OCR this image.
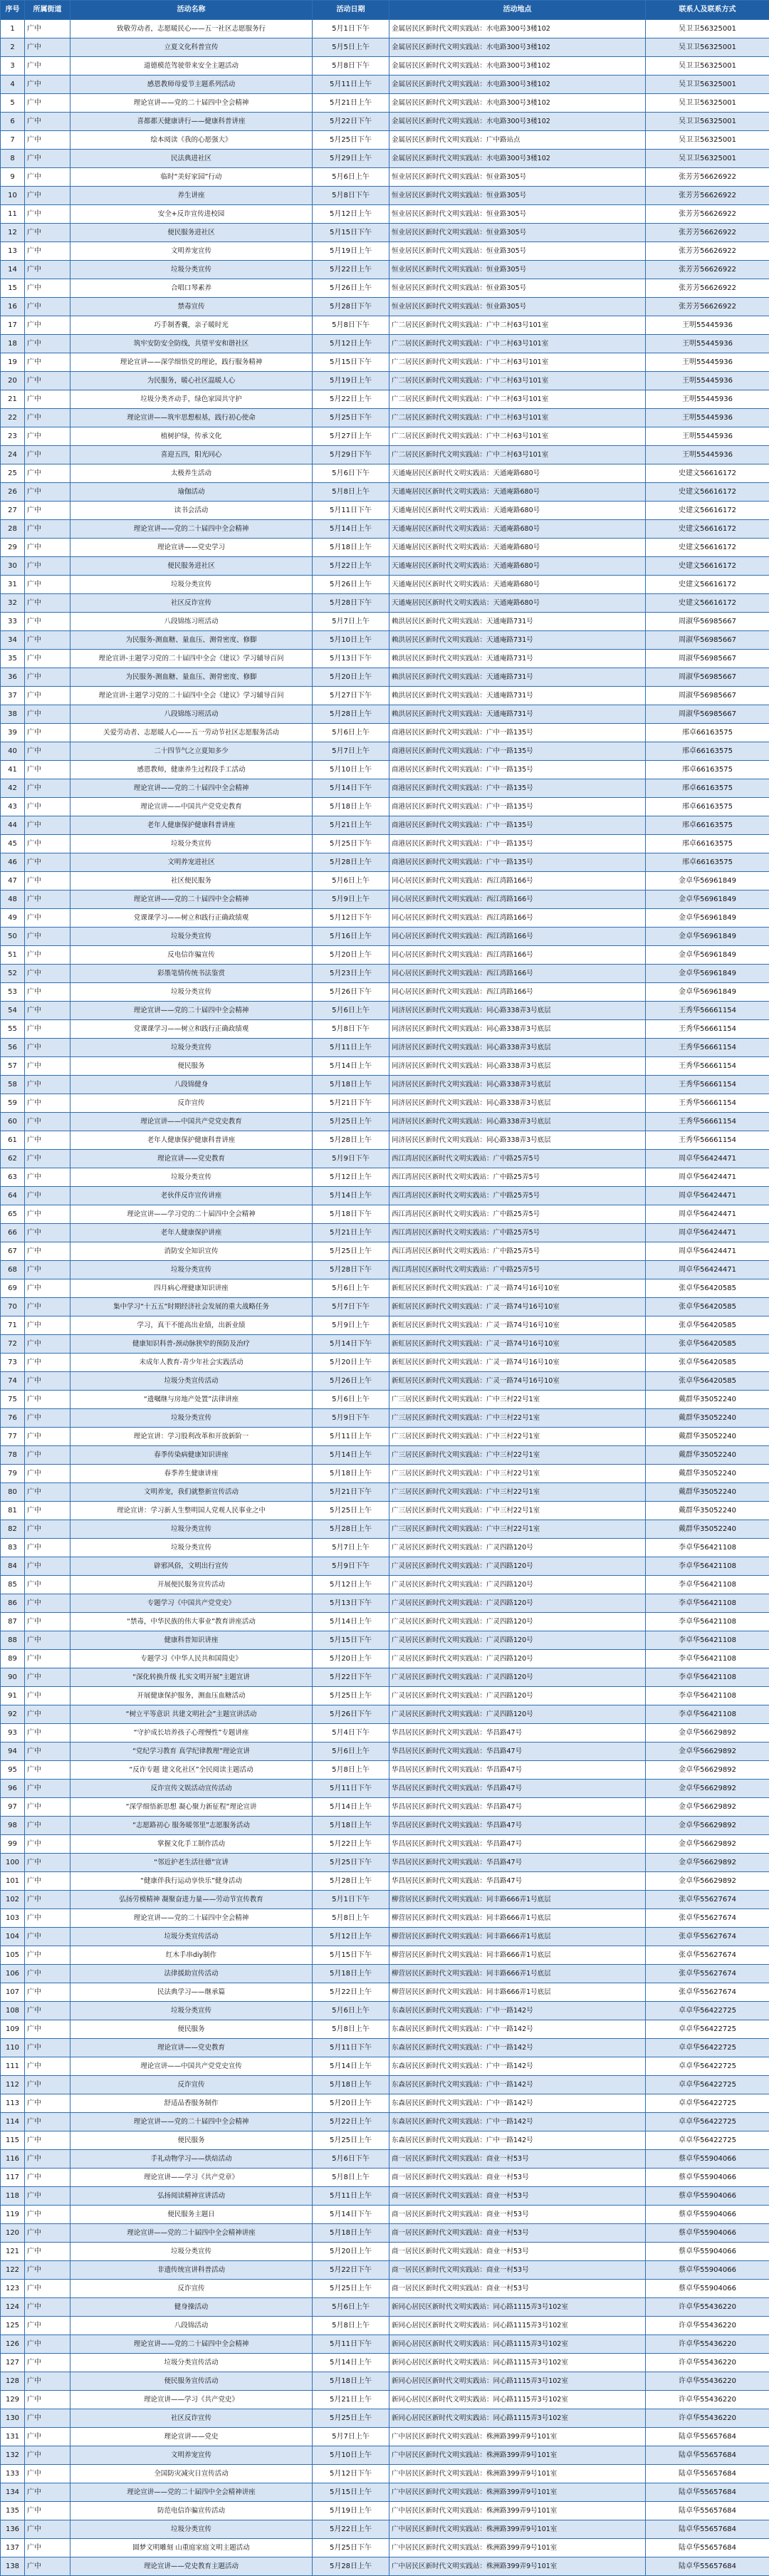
序号	所属街道	活动名称	活动日期	活动地点	联系人及联系方式
1	广中	致敬劳动者，志愿暖民心——五一社区志愿服务行	5月1日下午	金属居民区新时代文明实践站：水电路300号3楼102	吴卫卫56325001
2	广中	立夏文化科普宣传	5月5日上午	金属居民区新时代文明实践站：水电路300号3楼102	吴卫卫56325001
3	广中	道德模范驾驶带来安全主题活动	5月8日下午	金属居民区新时代文明实践站：水电路300号3楼102	吴卫卫56325001
4	广中	感恩教师母爱节主题系列活动	5月11日上午	金属居民区新时代文明实践站：水电路300号3楼102	吴卫卫56325001
5	广中	理论宣讲——党的二十届四中全会精神	5月21日上午	金属居民区新时代文明实践站：水电路300号3楼102	吴卫卫56325001
6	广中	喜都都天健康讲行——健康科普讲座	5月22日下午	金属居民区新时代文明实践站：水电路300号3楼102	吴卫卫56325001
7	广中	绘本阅读《我的心愿强大》	5月25日下午	金属居民区新时代文明实践站：广中路站点	吴卫卫56325001
8	广中	民法典进社区	5月29日上午	金属居民区新时代文明实践站：水电路300号3楼102	吴卫卫56325001
9	广中	临时“美好家园”行动	5月6日上午	恒业居民区新时代文明实践站：恒业路305号	张芳芳56626922
10	广中	养生讲座	5月8日下午	恒业居民区新时代文明实践站：恒业路305号	张芳芳56626922
11	广中	安全+反诈宣传进校园	5月12日上午	恒业居民区新时代文明实践站：恒业路305号	张芳芳56626922
12	广中	便民服务进社区	5月15日下午	恒业居民区新时代文明实践站：恒业路305号	张芳芳56626922
13	广中	文明养宠宣传	5月19日上午	恒业居民区新时代文明实践站：恒业路305号	张芳芳56626922
14	广中	垃圾分类宣传	5月22日上午	恒业居民区新时代文明实践站：恒业路305号	张芳芳56626922
15	广中	合唱口琴素养	5月26日上午	恒业居民区新时代文明实践站：恒业路305号	张芳芳56626922
16	广中	禁毒宣传	5月28日下午	恒业居民区新时代文明实践站：恒业路305号	张芳芳56626922
17	广中	巧手制香囊，亲子暖时光	5月8日下午	广二居民区新时代文明实践站：广中二村63号101室	王明55445936
18	广中	筑牢安防安全防线，共望平安和谐社区	5月12日上午	广二居民区新时代文明实践站：广中二村63号101室	王明55445936
19	广中	理论宣讲——深学细悟党的理论，践行服务精神	5月15日下午	广二居民区新时代文明实践站：广中二村63号101室	王明55445936
20	广中	为民服务，暖心社区温暖人心	5月19日上午	广二居民区新时代文明实践站：广中二村63号101室	王明55445936
21	广中	垃圾分类齐动手，绿色家园共守护	5月22日上午	广二居民区新时代文明实践站：广中二村63号101室	王明55445936
22	广中	理论宣讲——筑牢思想根基，践行初心使命	5月25日下午	广二居民区新时代文明实践站：广中二村63号101室	王明55445936
23	广中	植树护绿，传承文化	5月27日上午	广二居民区新时代文明实践站：广中二村63号101室	王明55445936
24	广中	喜迎五四，阳光同心	5月29日下午	广二居民区新时代文明实践站：广中二村63号101室	王明55445936
25	广中	太极养生活动	5月6日下午	天通庵居民区新时代文明实践站：天通庵路680号	史建文56616172
26	广中	瑜伽活动	5月8日上午	天通庵居民区新时代文明实践站：天通庵路680号	史建文56616172
27	广中	读书会活动	5月11日下午	天通庵居民区新时代文明实践站：天通庵路680号	史建文56616172
28	广中	理论宣讲——党的二十届四中全会精神	5月14日上午	天通庵居民区新时代文明实践站：天通庵路680号	史建文56616172
29	广中	理论宣讲——党史学习	5月18日上午	天通庵居民区新时代文明实践站：天通庵路680号	史建文56616172
30	广中	便民服务进社区	5月22日上午	天通庵居民区新时代文明实践站：天通庵路680号	史建文56616172
31	广中	垃圾分类宣传	5月26日上午	天通庵居民区新时代文明实践站：天通庵路680号	史建文56616172
32	广中	社区反诈宣传	5月28日下午	天通庵居民区新时代文明实践站：天通庵路680号	史建文56616172
33	广中	八段锦练习班活动	5月7日上午	赖洪居民区新时代文明实践站：天通庵路731号	周淑华56985667
34	广中	为民服务-测血糖、量血压、测骨密度、修脚	5月10日上午	赖洪居民区新时代文明实践站：天通庵路731号	周淑华56985667
35	广中	理论宣讲-主题学习党的二十届四中全会《建议》学习辅导百问	5月13日下午	赖洪居民区新时代文明实践站：天通庵路731号	周淑华56985667
36	广中	为民服务-测血糖、量血压、测骨密度、修脚	5月20日上午	赖洪居民区新时代文明实践站：天通庵路731号	周淑华56985667
37	广中	理论宣讲-主题学习党的二十届四中全会《建议》学习辅导百问	5月27日下午	赖洪居民区新时代文明实践站：天通庵路731号	周淑华56985667
38	广中	八段锦练习班活动	5月28日上午	赖洪居民区新时代文明实践站：天通庵路731号	周淑华56985667
39	广中	关爱劳动者、志愿暖人心——五一劳动节社区志愿服务活动	5月6日上午	商港居民区新时代文明实践站：广中一路135号	邢卓66163575
40	广中	二十四节气之立夏知多少	5月7日上午	商港居民区新时代文明实践站：广中一路135号	邢卓66163575
41	广中	感恩教师，健康养生过程段手工活动	5月10日上午	商港居民区新时代文明实践站：广中一路135号	邢卓66163575
42	广中	理论宣讲——党的二十届四中全会精神	5月14日下午	商港居民区新时代文明实践站：广中一路135号	邢卓66163575
43	广中	理论宣讲——中国共产党党史教育	5月18日上午	商港居民区新时代文明实践站：广中一路135号	邢卓66163575
44	广中	老年人健康保护健康科普讲座	5月21日上午	商港居民区新时代文明实践站：广中一路135号	邢卓66163575
45	广中	垃圾分类宣传	5月25日下午	商港居民区新时代文明实践站：广中一路135号	邢卓66163575
46	广中	文明养宠进社区	5月28日上午	商港居民区新时代文明实践站：广中一路135号	邢卓66163575
47	广中	社区便民服务	5月6日上午	同心居民区新时代文明实践站：西江湾路166号	金卓华56961849
48	广中	理论宣讲——党的二十届四中全会精神	5月9日上午	同心居民区新时代文明实践站：西江湾路166号	金卓华56961849
49	广中	党课课学习——树立和践行正确政绩观	5月12日下午	同心居民区新时代文明实践站：西江湾路166号	金卓华56961849
50	广中	垃圾分类宣传	5月16日上午	同心居民区新时代文明实践站：西江湾路166号	金卓华56961849
51	广中	反电信诈骗宣传	5月20日上午	同心居民区新时代文明实践站：西江湾路166号	金卓华56961849
52	广中	彩墨笔情传统书法鉴赏	5月23日上午	同心居民区新时代文明实践站：西江湾路166号	金卓华56961849
53	广中	垃圾分类宣传	5月26日下午	同心居民区新时代文明实践站：西江湾路166号	金卓华56961849
54	广中	理论宣讲——党的二十届四中全会精神	5月6日上午	同济居民区新时代文明实践站：同心路338弄3号底层	王秀华56661154
55	广中	党课课学习——树立和践行正确政绩观	5月8日下午	同济居民区新时代文明实践站：同心路338弄3号底层	王秀华56661154
56	广中	垃圾分类宣传	5月11日上午	同济居民区新时代文明实践站：同心路338弄3号底层	王秀华56661154
57	广中	便民服务	5月14日上午	同济居民区新时代文明实践站：同心路338弄3号底层	王秀华56661154
58	广中	八段锦健身	5月18日上午	同济居民区新时代文明实践站：同心路338弄3号底层	王秀华56661154
59	广中	反诈宣传	5月21日下午	同济居民区新时代文明实践站：同心路338弄3号底层	王秀华56661154
60	广中	理论宣讲——中国共产党党史教育	5月25日上午	同济居民区新时代文明实践站：同心路338弄3号底层	王秀华56661154
61	广中	老年人健康保护健康科普讲座	5月28日上午	同济居民区新时代文明实践站：同心路338弄3号底层	王秀华56661154
62	广中	理论宣讲——党史教育	5月9日下午	西江湾居民区新时代文明实践站：广中路25弄5号	周卓华56424471
63	广中	垃圾分类宣传	5月12日上午	西江湾居民区新时代文明实践站：广中路25弄5号	周卓华56424471
64	广中	老伙伴反诈宣传讲座	5月14日上午	西江湾居民区新时代文明实践站：广中路25弄5号	周卓华56424471
65	广中	理论宣讲——学习党的二十届四中全会精神	5月18日下午	西江湾居民区新时代文明实践站：广中路25弄5号	周卓华56424471
66	广中	老年人健康保护讲座	5月21日上午	西江湾居民区新时代文明实践站：广中路25弄5号	周卓华56424471
67	广中	消防安全知识宣传	5月25日上午	西江湾居民区新时代文明实践站：广中路25弄5号	周卓华56424471
68	广中	垃圾分类宣传	5月28日下午	西江湾居民区新时代文明实践站：广中路25弄5号	周卓华56424471
69	广中	四月病心理健康知识讲座	5月6日上午	新虹居民区新时代文明实践站：广灵一路74号16号10室	张卓华56420585
70	广中	集中学习“十五五”时期经济社会发展的重大战略任务	5月7日下午	新虹居民区新时代文明实践站：广灵一路74号16号10室	张卓华56420585
71	广中	学习，真干不能高出业绩，出新业绩	5月9日上午	新虹居民区新时代文明实践站：广灵一路74号16号10室	张卓华56420585
72	广中	健康知识科普-颈动脉狭窄的预防及治疗	5月14日下午	新虹居民区新时代文明实践站：广灵一路74号16号10室	张卓华56420585
73	广中	未成年人教育-青少年社会实践活动	5月20日上午	新虹居民区新时代文明实践站：广灵一路74号16号10室	张卓华56420585
74	广中	垃圾分类宣传活动	5月26日上午	新虹居民区新时代文明实践站：广灵一路74号16号10室	张卓华56420585
75	广中	“遗嘱继与房地产处置”法律讲座	5月6日上午	广三居民区新时代文明实践站：广中三村22号1室	戴群华35052240
76	广中	垃圾分类宣传	5月9日下午	广三居民区新时代文明实践站：广中三村22号1室	戴群华35052240
77	广中	理论宣讲：学习股利改革和开放新阶一	5月11日上午	广三居民区新时代文明实践站：广中三村22号1室	戴群华35052240
78	广中	春季传染病健康知识讲座	5月14日上午	广三居民区新时代文明实践站：广中三村22号1室	戴群华35052240
79	广中	春季养生健康讲座	5月18日上午	广三居民区新时代文明实践站：广中三村22号1室	戴群华35052240
80	广中	文明养宠，我们就整新宣传活动	5月21日下午	广三居民区新时代文明实践站：广中三村22号1室	戴群华35052240
81	广中	理论宣讲：学习新人生整明国人党观人民事业之中	5月25日上午	广三居民区新时代文明实践站：广中三村22号1室	戴群华35052240
82	广中	垃圾分类宣传	5月28日上午	广三居民区新时代文明实践站：广中三村22号1室	戴群华35052240
83	广中	垃圾分类宣传	5月7日上午	广灵居民区新时代文明实践站：广灵四路120号	李卓华56421108
84	广中	辟邪风俗，文明出行宣传	5月9日下午	广灵居民区新时代文明实践站：广灵四路120号	李卓华56421108
85	广中	开展便民服务宣传活动	5月12日上午	广灵居民区新时代文明实践站：广灵四路120号	李卓华56421108
86	广中	专题学习《中国共产党党史》	5月13日下午	广灵居民区新时代文明实践站：广灵四路120号	李卓华56421108
87	广中	“禁毒，中华民族的伟大事业”教育讲座活动	5月14日上午	广灵居民区新时代文明实践站：广灵四路120号	李卓华56421108
88	广中	健康科普知识讲座	5月15日下午	广灵居民区新时代文明实践站：广灵四路120号	李卓华56421108
89	广中	专题学习《中华人民共和国简史》	5月20日上午	广灵居民区新时代文明实践站：广灵四路120号	李卓华56421108
90	广中	“深化转换升级 扎实文明开展”主题宣讲	5月22日下午	广灵居民区新时代文明实践站：广灵四路120号	李卓华56421108
91	广中	开展健康保护服务，测血压血糖活动	5月25日上午	广灵居民区新时代文明实践站：广灵四路120号	李卓华56421108
92	广中	“树立平等意识 共建文明社会”主题宣讲活动	5月26日下午	广灵居民区新时代文明实践站：广灵四路120号	李卓华56421108
93	广中	“守护成长培养孩子心理慢性”专题讲座	5月4日下午	华昌居民区新时代文明实践站：华昌路47号	金卓华56629892
94	广中	“党纪学习教育 真学纪律教理”理论宣讲	5月6日上午	华昌居民区新时代文明实践站：华昌路47号	金卓华56629892
95	广中	“反诈专题 建文化社区”全民阅读主题活动	5月8日上午	华昌居民区新时代文明实践站：华昌路47号	金卓华56629892
96	广中	反诈宣传文娱活动宣传活动	5月11日下午	华昌居民区新时代文明实践站：华昌路47号	金卓华56629892
97	广中	“深学细悟新思想 凝心聚力新征程”理论宣讲	5月14日上午	华昌居民区新时代文明实践站：华昌路47号	金卓华56629892
98	广中	“志愿路初心 服务暖邻里”志愿服务活动	5月18日上午	华昌居民区新时代文明实践站：华昌路47号	金卓华56629892
99	广中	掌握文化手工制作活动	5月22日上午	华昌居民区新时代文明实践站：华昌路47号	金卓华56629892
100	广中	“邻近护老生活往德”宣讲	5月25日下午	华昌居民区新时代文明实践站：华昌路47号	金卓华56629892
101	广中	“健康伴我行运动享快乐”健身活动	5月28日上午	华昌居民区新时代文明实践站：华昌路47号	金卓华56629892
102	广中	弘扬劳模精神 凝聚奋进力量——劳动节宣传教育	5月1日下午	柳营居民区新时代文明实践站：同丰路666弄1号底层	张卓华55627674
103	广中	理论宣讲——党的二十届四中全会精神	5月8日上午	柳营居民区新时代文明实践站：同丰路666弄1号底层	张卓华55627674
104	广中	垃圾分类宣传活动	5月12日上午	柳营居民区新时代文明实践站：同丰路666弄1号底层	张卓华55627674
105	广中	红木手串diy制作	5月15日下午	柳营居民区新时代文明实践站：同丰路666弄1号底层	张卓华55627674
106	广中	法律援助宣传活动	5月18日上午	柳营居民区新时代文明实践站：同丰路666弄1号底层	张卓华55627674
107	广中	民法典学习——继承篇	5月22日上午	柳营居民区新时代文明实践站：同丰路666弄1号底层	张卓华55627674
108	广中	垃圾分类宣传	5月6日上午	东森居民区新时代文明实践站：广中一路142号	卓卓华56422725
109	广中	便民服务	5月8日上午	东森居民区新时代文明实践站：广中一路142号	卓卓华56422725
110	广中	理论宣讲——党史教育	5月11日下午	东森居民区新时代文明实践站：广中一路142号	卓卓华56422725
111	广中	理论宣讲——中国共产党党史宣传	5月14日上午	东森居民区新时代文明实践站：广中一路142号	卓卓华56422725
112	广中	反诈宣传	5月18日上午	东森居民区新时代文明实践站：广中一路142号	卓卓华56422725
113	广中	舒适品香服务制作	5月20日上午	东森居民区新时代文明实践站：广中一路142号	卓卓华56422725
114	广中	理论宣讲——党的二十届四中全会精神	5月22日上午	东森居民区新时代文明实践站：广中一路142号	卓卓华56422725
115	广中	便民服务	5月25日上午	东森居民区新时代文明实践站：广中一路142号	卓卓华56422725
116	广中	手礼动物学习——烘焙活动	5月6日下午	商一居民区新时代文明实践站：商业一村53号	蔡卓华55904066
117	广中	理论宣讲——学习《共产党章》	5月8日上午	商一居民区新时代文明实践站：商业一村53号	蔡卓华55904066
118	广中	弘扬阅读精神宣讲活动	5月11日上午	商一居民区新时代文明实践站：商业一村53号	蔡卓华55904066
119	广中	便民服务主题日	5月14日下午	商一居民区新时代文明实践站：商业一村53号	蔡卓华55904066
120	广中	理论宣讲——党的二十届四中全会精神讲座	5月18日上午	商一居民区新时代文明实践站：商业一村53号	蔡卓华55904066
121	广中	垃圾分类宣传	5月20日上午	商一居民区新时代文明实践站：商业一村53号	蔡卓华55904066
122	广中	非遗传统宣讲科普活动	5月22日下午	商一居民区新时代文明实践站：商业一村53号	蔡卓华55904066
123	广中	反诈宣传	5月25日上午	商一居民区新时代文明实践站：商业一村53号	蔡卓华55904066
124	广中	健身操活动	5月6日上午	新同心居民区新时代文明实践站：同心路1115弄3号102室	许卓华55436220
125	广中	八段锦活动	5月8日上午	新同心居民区新时代文明实践站：同心路1115弄3号102室	许卓华55436220
126	广中	理论宣讲——党的二十届四中全会精神	5月11日下午	新同心居民区新时代文明实践站：同心路1115弄3号102室	许卓华55436220
127	广中	垃圾分类宣传活动	5月14日上午	新同心居民区新时代文明实践站：同心路1115弄3号102室	许卓华55436220
128	广中	便民服务宣传活动	5月18日上午	新同心居民区新时代文明实践站：同心路1115弄3号102室	许卓华55436220
129	广中	理论宣讲——学习《共产党史》	5月21日上午	新同心居民区新时代文明实践站：同心路1115弄3号102室	许卓华55436220
130	广中	社区反诈宣传	5月25日上午	新同心居民区新时代文明实践站：同心路1115弄3号102室	许卓华55436220
131	广中	理论宣讲——党史	5月7日上午	广中居民区新时代文明实践站：株洲路399弄9号101室	陆卓华55657684
132	广中	文明养宠宣传	5月10日上午	广中居民区新时代文明实践站：株洲路399弄9号101室	陆卓华55657684
133	广中	全国防灾减灾日宣传活动	5月12日下午	广中居民区新时代文明实践站：株洲路399弄9号101室	陆卓华55657684
134	广中	理论宣讲——党的二十届四中全会精神讲座	5月15日上午	广中居民区新时代文明实践站：株洲路399弄9号101室	陆卓华55657684
135	广中	防范电信诈骗宣传活动	5月19日上午	广中居民区新时代文明实践站：株洲路399弄9号101室	陆卓华55657684
136	广中	垃圾分类宣传	5月22日上午	广中居民区新时代文明实践站：株洲路399弄9号101室	陆卓华55657684
137	广中	圆梦文明雕刻 山重庭家庭文明主题活动	5月25日下午	广中居民区新时代文明实践站：株洲路399弄9号101室	陆卓华55657684
138	广中	理论宣讲——党史教育主题活动	5月28日上午	广中居民区新时代文明实践站：株洲路399弄9号101室	陆卓华55657684
